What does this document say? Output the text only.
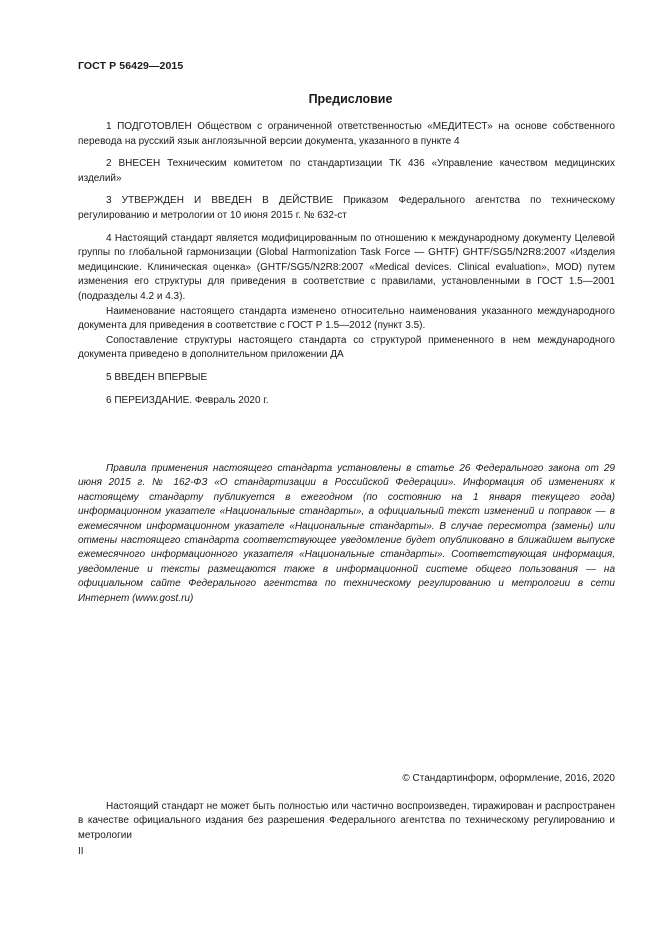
ГОСТ Р 56429—2015
Предисловие

1 ПОДГОТОВЛЕН Обществом с ограниченной ответственностью «МЕДИТЕСТ» на основе собственного перевода на русский язык англоязычной версии документа, указанного в пункте 4

2 ВНЕСЕН Техническим комитетом по стандартизации ТК 436 «Управление качеством медицинских изделий»

3 УТВЕРЖДЕН И ВВЕДЕН В ДЕЙСТВИЕ Приказом Федерального агентства по техническому регулированию и метрологии от 10 июня 2015 г. № 632-ст

4 Настоящий стандарт является модифицированным по отношению к международному документу Целевой группы по глобальной гармонизации (Global Harmonization Task Force — GHTF) GHTF/SG5/N2R8:2007 «Изделия медицинские. Клиническая оценка» (GHTF/SG5/N2R8:2007 «Medical devices. Clinical evaluation», MOD) путем изменения его структуры для приведения в соответствие с правилами, установленными в ГОСТ 1.5—2001 (подразделы 4.2 и 4.3).

Наименование настоящего стандарта изменено относительно наименования указанного международного документа для приведения в соответствие с ГОСТ Р 1.5—2012 (пункт 3.5).

Сопоставление структуры настоящего стандарта со структурой примененного в нем международного документа приведено в дополнительном приложении ДА

5 ВВЕДЕН ВПЕРВЫЕ

6 ПЕРЕИЗДАНИЕ. Февраль 2020 г.

Правила применения настоящего стандарта установлены в статье 26 Федерального закона от 29 июня 2015 г. № 162-ФЗ «О стандартизации в Российской Федерации». Информация об изменениях к настоящему стандарту публикуется в ежегодном (по состоянию на 1 января текущего года) информационном указателе «Национальные стандарты», а официальный текст изменений и поправок — в ежемесячном информационном указателе «Национальные стандарты». В случае пересмотра (замены) или отмены настоящего стандарта соответствующее уведомление будет опубликовано в ближайшем выпуске ежемесячного информационного указателя «Национальные стандарты». Соответствующая информация, уведомление и тексты размещаются также в информационной системе общего пользования — на официальном сайте Федерального агентства по техническому регулированию и метрологии в сети Интернет (www.gost.ru)

© Стандартинформ, оформление, 2016, 2020

Настоящий стандарт не может быть полностью или частично воспроизведен, тиражирован и распространен в качестве официального издания без разрешения Федерального агентства по техническому регулированию и метрологии

II
